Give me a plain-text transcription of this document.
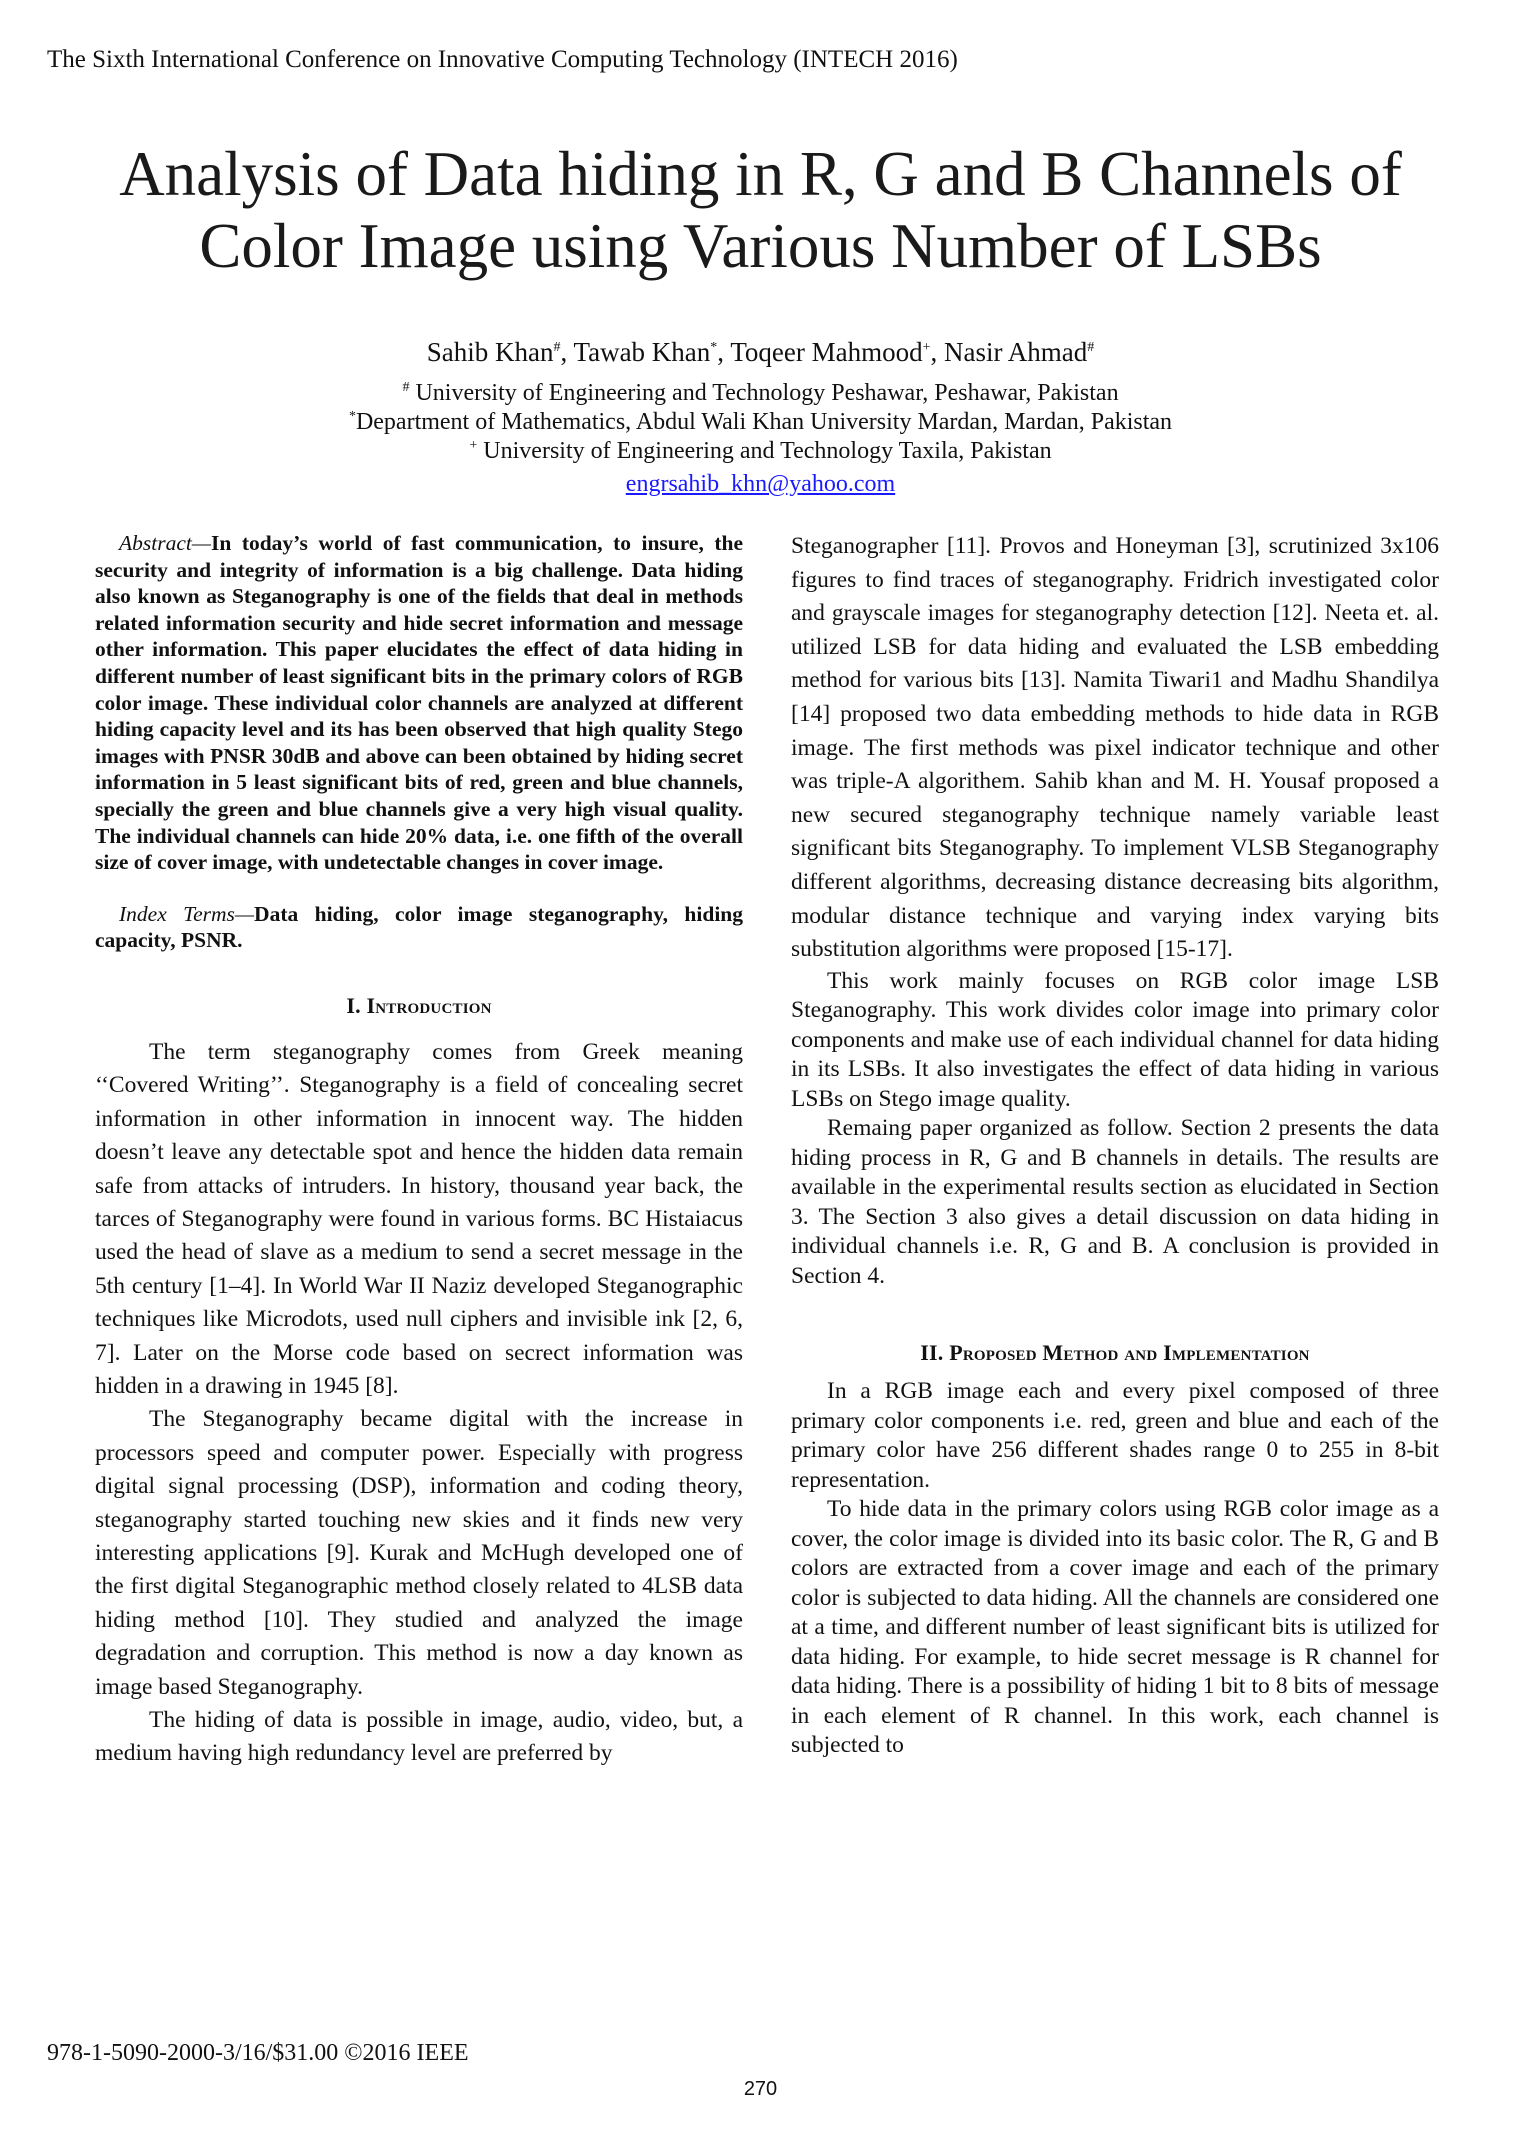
The Sixth International Conference on Innovative Computing Technology (INTECH 2016)
Analysis of Data hiding in R, G and B Channels of
Color Image using Various Number of LSBs
Sahib Khan#, Tawab Khan*, Toqeer Mahmood+, Nasir Ahmad#
# University of Engineering and Technology Peshawar, Peshawar, Pakistan
*Department of Mathematics, Abdul Wali Khan University Mardan, Mardan, Pakistan
+ University of Engineering and Technology Taxila, Pakistan
engrsahib_khn@yahoo.com

Abstract—In today’s world of fast communication, to insure, the security and integrity of information is a big challenge. Data hiding also known as Steganography is one of the fields that deal in methods related information security and hide secret information and message other information. This paper elucidates the effect of data hiding in different number of least significant bits in the primary colors of RGB color image. These individual color channels are analyzed at different hiding capacity level and its has been observed that high quality Stego images with PNSR 30dB and above can been obtained by hiding secret information in 5 least significant bits of red, green and blue channels, specially the green and blue channels give a very high visual quality. The individual channels can hide 20% data, i.e. one fifth of the overall size of cover image, with undetectable changes in cover image.

Index Terms—Data hiding, color image steganography, hiding capacity, PSNR.

I. Introduction

The term steganography comes from Greek meaning ‘‘Covered Writing’’. Steganography is a field of concealing secret information in other information in innocent way. The hidden doesn’t leave any detectable spot and hence the hidden data remain safe from attacks of intruders. In history, thousand year back, the tarces of Steganography were found in various forms. BC Histaiacus used the head of slave as a medium to send a secret message in the 5th century [1–4]. In World War II Naziz developed Steganographic techniques like Microdots, used null ciphers and invisible ink [2, 6, 7]. Later on the Morse code based on secrect information was hidden in a drawing in 1945 [8].

The Steganography became digital with the increase in processors speed and computer power. Especially with progress digital signal processing (DSP), information and coding theory, steganography started touching new skies and it finds new very interesting applications [9]. Kurak and McHugh developed one of the first digital Steganographic method closely related to 4LSB data hiding method [10]. They studied and analyzed the image degradation and corruption. This method is now a day known as image based Steganography.

The hiding of data is possible in image, audio, video, but, a medium having high redundancy level are preferred by

Steganographer [11]. Provos and Honeyman [3], scrutinized 3x106 figures to find traces of steganography. Fridrich investigated color and grayscale images for steganography detection [12]. Neeta et. al. utilized LSB for data hiding and evaluated the LSB embedding method for various bits [13]. Namita Tiwari1 and Madhu Shandilya [14] proposed two data embedding methods to hide data in RGB image. The first methods was pixel indicator technique and other was triple-A algorithem. Sahib khan and M. H. Yousaf proposed a new secured steganography technique namely variable least significant bits Steganography. To implement VLSB Steganography different algorithms, decreasing distance decreasing bits algorithm, modular distance technique and varying index varying bits substitution algorithms were proposed [15-17].

This work mainly focuses on RGB color image LSB Steganography. This work divides color image into primary color components and make use of each individual channel for data hiding in its LSBs. It also investigates the effect of data hiding in various LSBs on Stego image quality.

Remaing paper organized as follow. Section 2 presents the data hiding process in R, G and B channels in details. The results are available in the experimental results section as elucidated in Section 3. The Section 3 also gives a detail discussion on data hiding in individual channels i.e. R, G and B. A conclusion is provided in Section 4.

II. Proposed Method and Implementation

In a RGB image each and every pixel composed of three primary color components i.e. red, green and blue and each of the primary color have 256 different shades range 0 to 255 in 8-bit representation.

To hide data in the primary colors using RGB color image as a cover, the color image is divided into its basic color. The R, G and B colors are extracted from a cover image and each of the primary color is subjected to data hiding. All the channels are considered one at a time, and different number of least significant bits is utilized for data hiding. For example, to hide secret message is R channel for data hiding. There is a possibility of hiding 1 bit to 8 bits of message in each element of R channel. In this work, each channel is subjected to

978-1-5090-2000-3/16/$31.00 ©2016 IEEE
270
